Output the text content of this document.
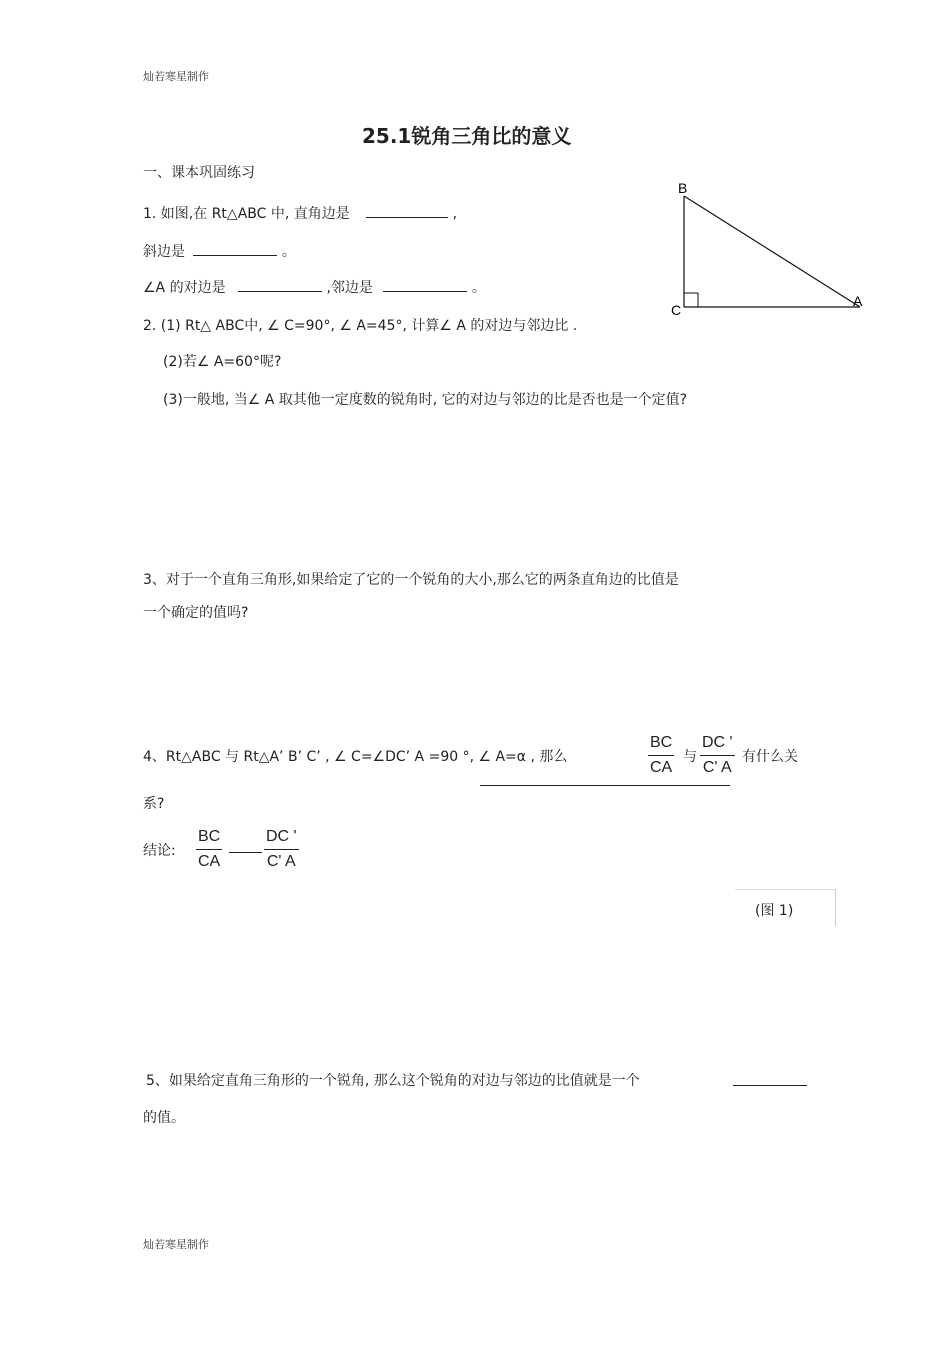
灿若寒星制作
25.1锐角三角比的意义
一、课本巩固练习
B
C
A
1. 如图,在 Rt△ABC 中, 直角边是	,
斜边是	。
∠A 的对边是	,邻边是	。
2. (1) Rt△ ABC中, ∠ C=90°, ∠ A=45°, 计算∠ A 的对边与邻边比 .
(2)若∠ A=60°呢?
(3)一般地, 当∠ A 取其他一定度数的锐角时, 它的对边与邻边的比是否也是一个定值?
3、对于一个直角三角形,如果给定了它的一个锐角的大小,那么它的两条直角边的比值是
一个确定的值吗?
4、Rt△ABC 与 Rt△A’ B’ C’ , ∠ C=∠DC’ A =90 °, ∠ A=α , 那么
BC
CA
与
DC '
C' A
有什么关
系?
结论:
BC
CA
DC '
C' A
(图 1)
5、如果给定直角三角形的一个锐角, 那么这个锐角的对边与邻边的比值就是一个
的值。
灿若寒星制作
